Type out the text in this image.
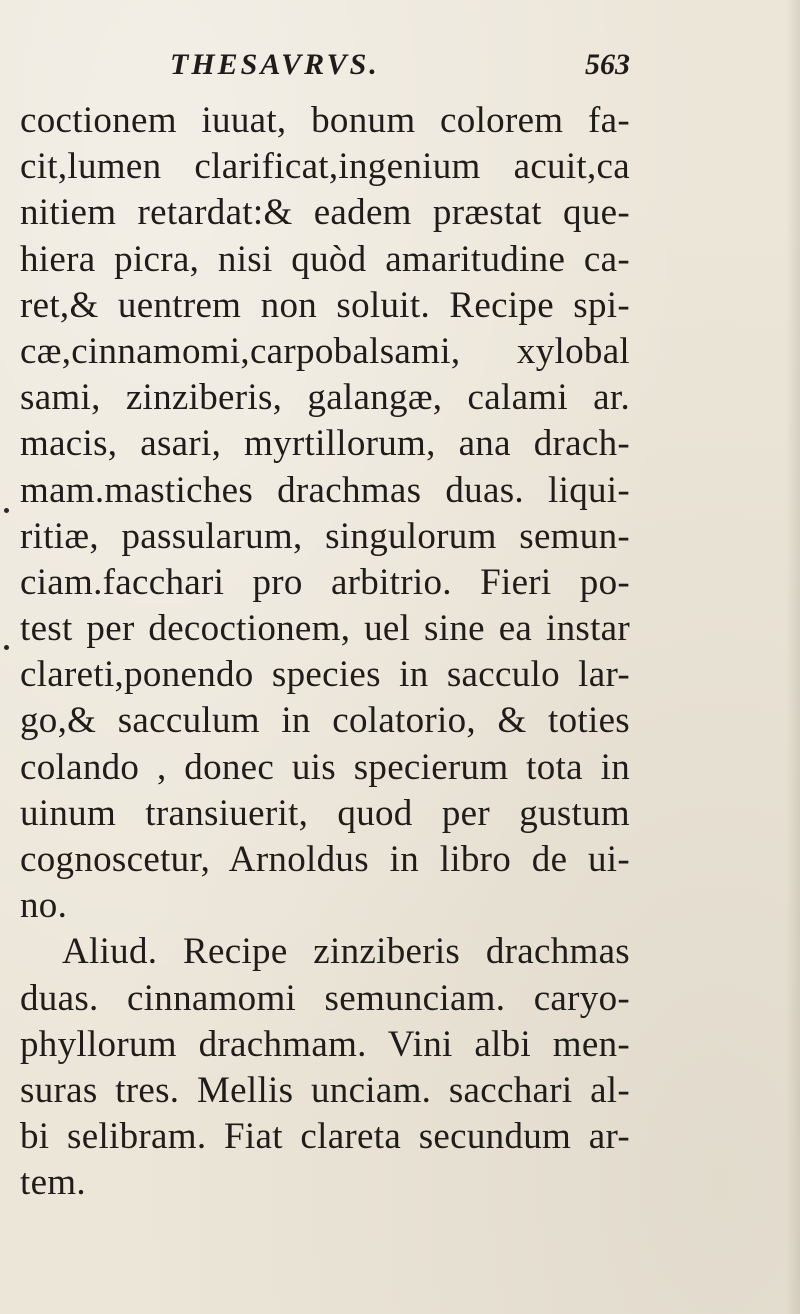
THESAVRVS.	563
coctionem iuuat, bonum colorem fa-
cit,lumen clarificat,ingenium acuit,ca
nitiem retardat:& eadem præstat que-
hiera picra, nisi quòd amaritudine ca-
ret,& uentrem non soluit. Recipe spi-
cæ,cinnamomi,carpobalsami, xylobal
sami, zinziberis, galangæ, calami ar.
macis, asari, myrtillorum, ana drach-
mam.mastiches drachmas duas. liqui-
ritiæ, passularum, singulorum semun-
ciam.facchari pro arbitrio. Fieri po-
test per decoctionem, uel sine ea instar
clareti,ponendo species in sacculo lar-
go,& sacculum in colatorio, & toties
colando , donec uis specierum tota in
uinum transiuerit, quod per gustum
cognoscetur, Arnoldus in libro de ui-
no.
Aliud. Recipe zinziberis drachmas
duas. cinnamomi semunciam. caryo-
phyllorum drachmam. Vini albi men-
suras tres. Mellis unciam. sacchari al-
bi selibram. Fiat clareta secundum ar-
tem.
